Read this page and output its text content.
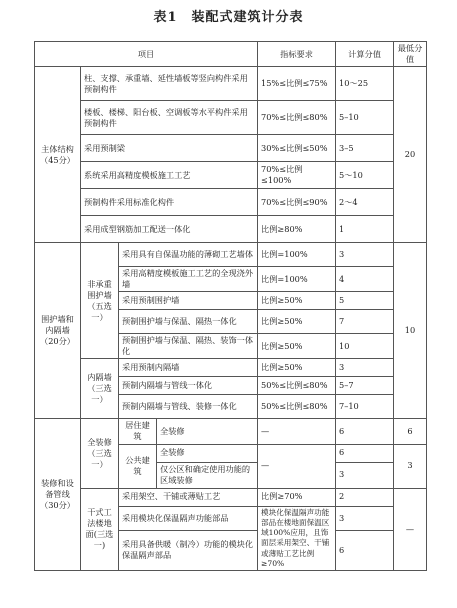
表1　装配式建筑计分表
项目				指标要求	计算分值	最低分值
主体结构（45分）	柱、支撑、承重墙、延性墙板等竖向构件采用预制构件			15%≤比例≤75%	10～25	20
	楼板、楼梯、阳台板、空调板等水平构件采用预制构件			70%≤比例≤80%	5–10	
	采用预制梁			30%≤比例≤50%	3–5	
	系统采用高精度模板施工工艺			70%≤比例≤100%	5～10	
	预制构件采用标准化构件			70%≤比例≤90%	2～4	
	采用成型钢筋加工配送一体化			比例≥80%	1	
围护墙和内隔墙（20分）	非承重围护墙（五选一）	采用具有自保温功能的薄砌工艺墙体		比例=100%	3	10
		采用高精度模板施工工艺的全现浇外墙		比例=100%	4	
		采用预制围护墙		比例≥50%	5	
		预制围护墙与保温、隔热一体化		比例≥50%	7	
		预制围护墙与保温、隔热、装饰一体化		比例≥50%	10	
	内隔墙（三选一）	采用预制内隔墙		比例≥50%	3	
		预制内隔墙与管线一体化		50%≤比例≤80%	5–7	
		预制内隔墙与管线、装修一体化		50%≤比例≤80%	7–10	
装修和设备管线（30分）	全装修（三选一）	居住建筑	全装修	—	6	6
		公共建筑	全装修	—	6	3
			仅公区和确定使用功能的区域装修		3	
	干式工法楼地面(三选一)	采用架空、干铺或薄贴工艺		比例≥70%	2	—
		采用模块化保温隔声功能部品		模块化保温隔声功能部品在楼地面保温区域100%应用，且饰面层采用架空、干铺或薄贴工艺比例≥70%	3	
		采用具备供暖（制冷）功能的模块化保温隔声部品			6	
